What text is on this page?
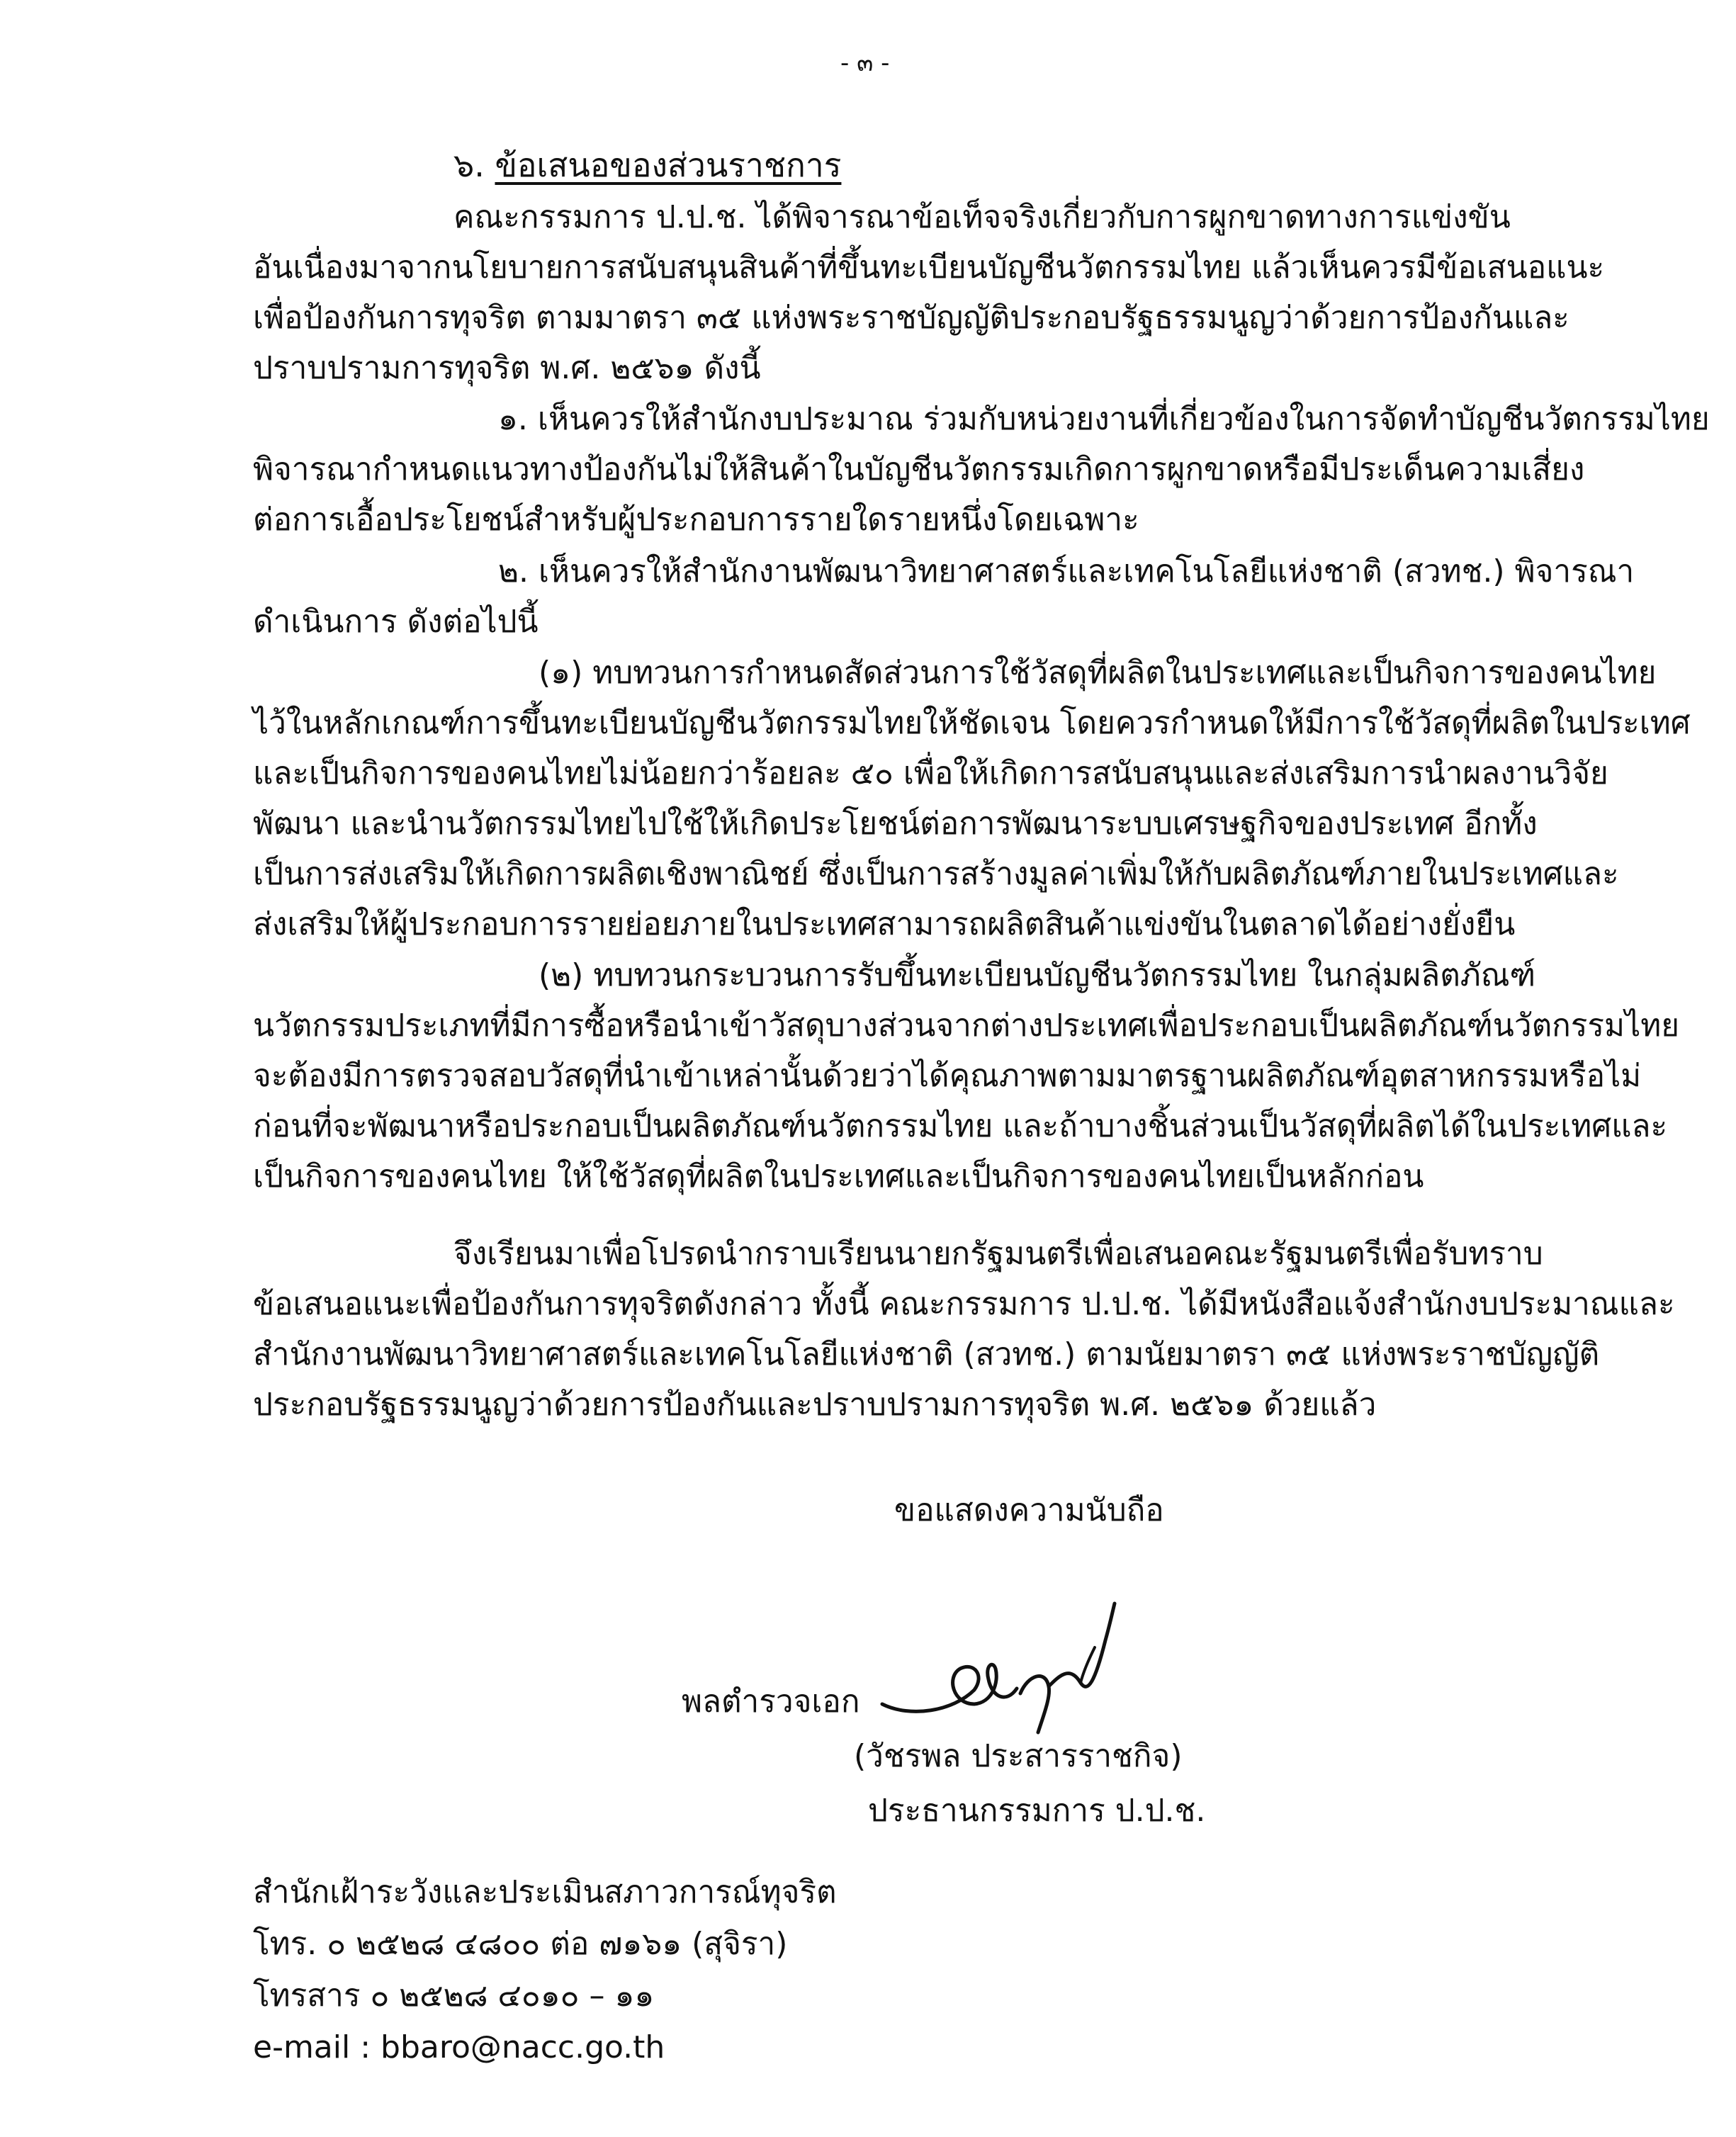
- ๓ -
๖. ข้อเสนอของส่วนราชการ
คณะกรรมการ ป.ป.ช. ได้พิจารณาข้อเท็จจริงเกี่ยวกับการผูกขาดทางการแข่งขัน
อันเนื่องมาจากนโยบายการสนับสนุนสินค้าที่ขึ้นทะเบียนบัญชีนวัตกรรมไทย แล้วเห็นควรมีข้อเสนอแนะ
เพื่อป้องกันการทุจริต ตามมาตรา ๓๕ แห่งพระราชบัญญัติประกอบรัฐธรรมนูญว่าด้วยการป้องกันและ
ปราบปรามการทุจริต พ.ศ. ๒๕๖๑ ดังนี้
๑. เห็นควรให้สำนักงบประมาณ ร่วมกับหน่วยงานที่เกี่ยวข้องในการจัดทำบัญชีนวัตกรรมไทย
พิจารณากำหนดแนวทางป้องกันไม่ให้สินค้าในบัญชีนวัตกรรมเกิดการผูกขาดหรือมีประเด็นความเสี่ยง
ต่อการเอื้อประโยชน์สำหรับผู้ประกอบการรายใดรายหนึ่งโดยเฉพาะ
๒. เห็นควรให้สำนักงานพัฒนาวิทยาศาสตร์และเทคโนโลยีแห่งชาติ (สวทช.) พิจารณา
ดำเนินการ ดังต่อไปนี้
(๑) ทบทวนการกำหนดสัดส่วนการใช้วัสดุที่ผลิตในประเทศและเป็นกิจการของคนไทย
ไว้ในหลักเกณฑ์การขึ้นทะเบียนบัญชีนวัตกรรมไทยให้ชัดเจน โดยควรกำหนดให้มีการใช้วัสดุที่ผลิตในประเทศ
และเป็นกิจการของคนไทยไม่น้อยกว่าร้อยละ ๕๐ เพื่อให้เกิดการสนับสนุนและส่งเสริมการนำผลงานวิจัย
พัฒนา และนำนวัตกรรมไทยไปใช้ให้เกิดประโยชน์ต่อการพัฒนาระบบเศรษฐกิจของประเทศ อีกทั้ง
เป็นการส่งเสริมให้เกิดการผลิตเชิงพาณิชย์ ซึ่งเป็นการสร้างมูลค่าเพิ่มให้กับผลิตภัณฑ์ภายในประเทศและ
ส่งเสริมให้ผู้ประกอบการรายย่อยภายในประเทศสามารถผลิตสินค้าแข่งขันในตลาดได้อย่างยั่งยืน
(๒) ทบทวนกระบวนการรับขึ้นทะเบียนบัญชีนวัตกรรมไทย ในกลุ่มผลิตภัณฑ์
นวัตกรรมประเภทที่มีการซื้อหรือนำเข้าวัสดุบางส่วนจากต่างประเทศเพื่อประกอบเป็นผลิตภัณฑ์นวัตกรรมไทย
จะต้องมีการตรวจสอบวัสดุที่นำเข้าเหล่านั้นด้วยว่าได้คุณภาพตามมาตรฐานผลิตภัณฑ์อุตสาหกรรมหรือไม่
ก่อนที่จะพัฒนาหรือประกอบเป็นผลิตภัณฑ์นวัตกรรมไทย และถ้าบางชิ้นส่วนเป็นวัสดุที่ผลิตได้ในประเทศและ
เป็นกิจการของคนไทย ให้ใช้วัสดุที่ผลิตในประเทศและเป็นกิจการของคนไทยเป็นหลักก่อน
จึงเรียนมาเพื่อโปรดนำกราบเรียนนายกรัฐมนตรีเพื่อเสนอคณะรัฐมนตรีเพื่อรับทราบ
ข้อเสนอแนะเพื่อป้องกันการทุจริตดังกล่าว ทั้งนี้ คณะกรรมการ ป.ป.ช. ได้มีหนังสือแจ้งสำนักงบประมาณและ
สำนักงานพัฒนาวิทยาศาสตร์และเทคโนโลยีแห่งชาติ (สวทช.) ตามนัยมาตรา ๓๕ แห่งพระราชบัญญัติ
ประกอบรัฐธรรมนูญว่าด้วยการป้องกันและปราบปรามการทุจริต พ.ศ. ๒๕๖๑ ด้วยแล้ว
ขอแสดงความนับถือ
พลตำรวจเอก
(วัชรพล ประสารราชกิจ)
ประธานกรรมการ ป.ป.ช.
สำนักเฝ้าระวังและประเมินสภาวการณ์ทุจริต
โทร. ๐ ๒๕๒๘ ๔๘๐๐ ต่อ ๗๑๖๑ (สุจิรา)
โทรสาร ๐ ๒๕๒๘ ๔๐๑๐ – ๑๑
e-mail : bbaro@nacc.go.th
